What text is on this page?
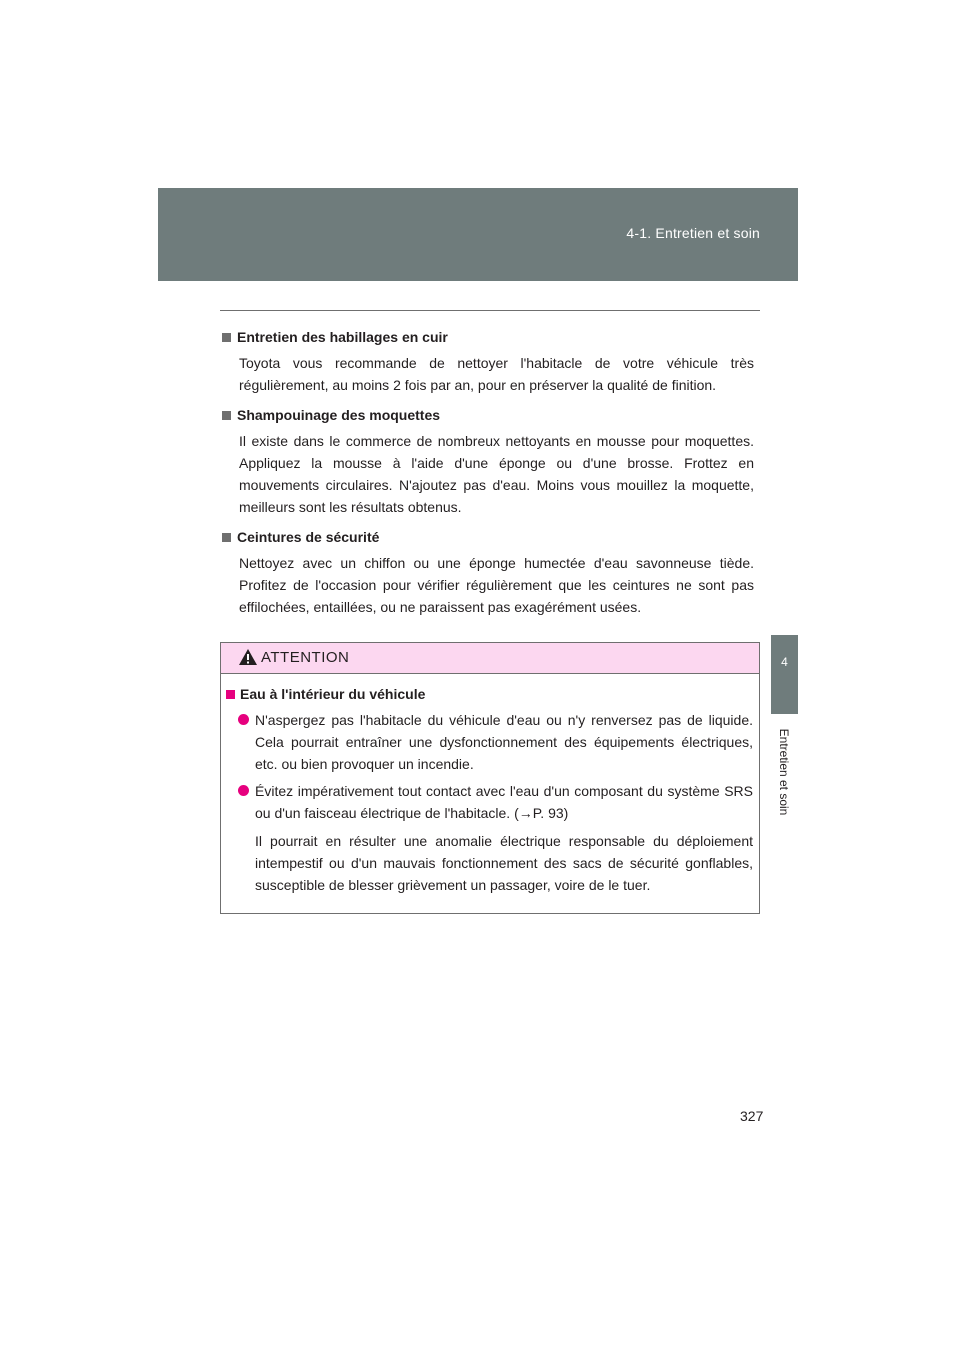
4-1. Entretien et soin
4
Entretien et soin
Entretien des habillages en cuir

Toyota vous recommande de nettoyer l'habitacle de votre véhicule très régulièrement, au moins 2 fois par an, pour en préserver la qualité de finition.

Shampouinage des moquettes

Il existe dans le commerce de nombreux nettoyants en mousse pour moquettes. Appliquez la mousse à l'aide d'une éponge ou d'une brosse. Frottez en mouvements circulaires. N'ajoutez pas d'eau. Moins vous mouillez la moquette, meilleurs sont les résultats obtenus.

Ceintures de sécurité

Nettoyez avec un chiffon ou une éponge humectée d'eau savonneuse tiède. Profitez de l'occasion pour vérifier régulièrement que les ceintures ne sont pas effilochées, entaillées, ou ne paraissent pas exagérément usées.

ATTENTION
Eau à l'intérieur du véhicule
N'aspergez pas l'habitacle du véhicule d'eau ou n'y renversez pas de liquide. Cela pourrait entraîner une dysfonctionnement des équipements électriques, etc. ou bien provoquer un incendie.
Évitez impérativement tout contact avec l'eau d'un composant du système SRS ou d'un faisceau électrique de l'habitacle. (→P. 93)

Il pourrait en résulter une anomalie électrique responsable du déploiement intempestif ou d'un mauvais fonctionnement des sacs de sécurité gonflables, susceptible de blesser grièvement un passager, voire de le tuer.

327
